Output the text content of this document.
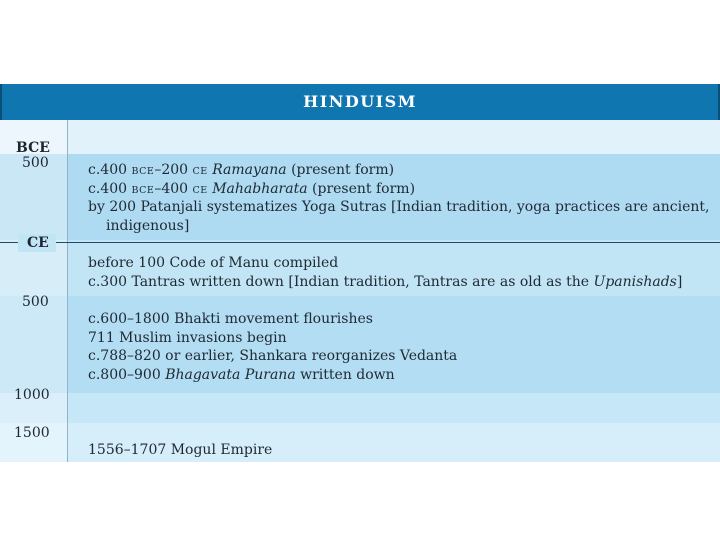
HINDUISM
BCE
500
CE
500
1000
1500
c.400 BCE–200 CE Ramayana (present form)
c.400 BCE–400 CE Mahabharata (present form)
by 200 Patanjali systematizes Yoga Sutras [Indian tradition, yoga practices are ancient,
indigenous]
before 100 Code of Manu compiled
c.300 Tantras written down [Indian tradition, Tantras are as old as the Upanishads]
c.600–1800 Bhakti movement flourishes
711 Muslim invasions begin
c.788–820 or earlier, Shankara reorganizes Vedanta
c.800–900 Bhagavata Purana written down
1556–1707 Mogul Empire
